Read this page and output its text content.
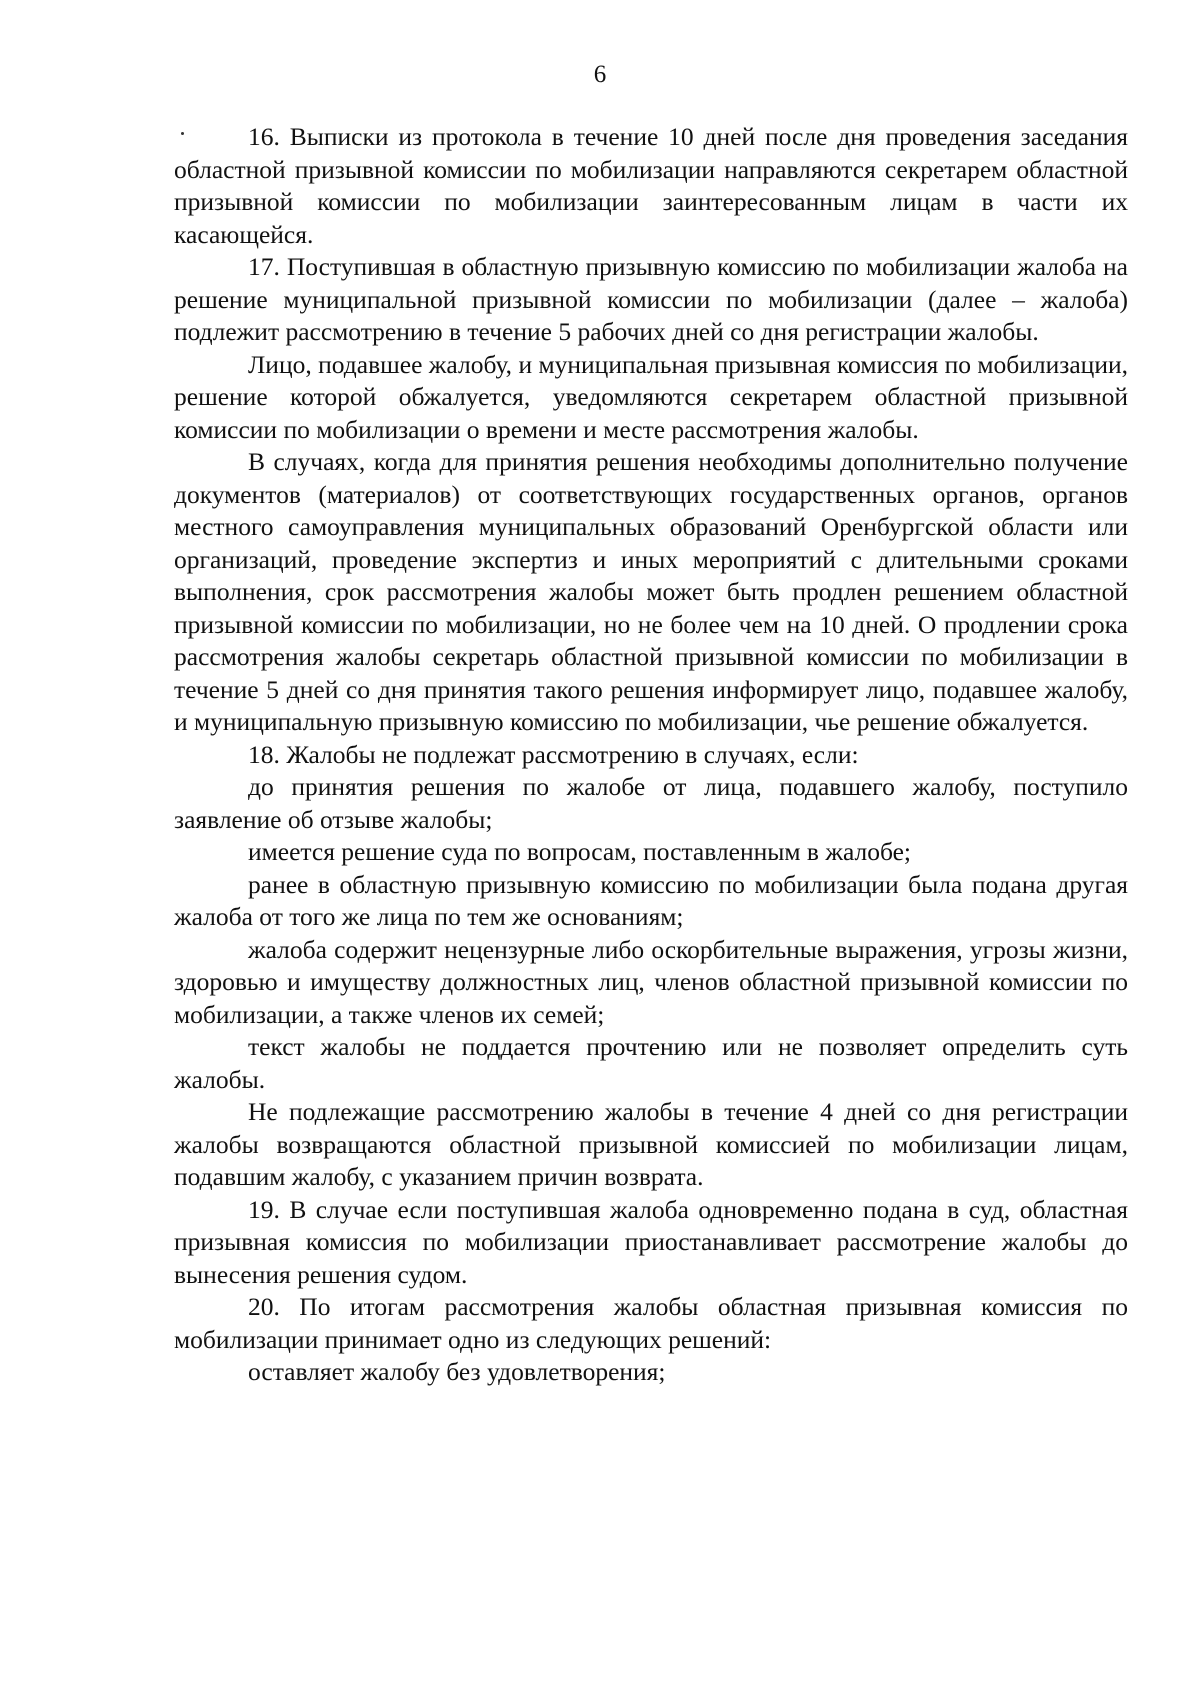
6

16. Выписки из протокола в течение 10 дней после дня проведения заседания областной призывной комиссии по мобилизации направляются секретарем областной призывной комиссии по мобилизации заинтересованным лицам в части их касающейся.

17. Поступившая в областную призывную комиссию по мобилизации жалоба на решение муниципальной призывной комиссии по мобилизации (далее – жалоба) подлежит рассмотрению в течение 5 рабочих дней со дня регистрации жалобы.

Лицо, подавшее жалобу, и муниципальная призывная комиссия по мобилизации, решение которой обжалуется, уведомляются секретарем областной призывной комиссии по мобилизации о времени и месте рассмотрения жалобы.

В случаях, когда для принятия решения необходимы дополнительно получение документов (материалов) от соответствующих государственных органов, органов местного самоуправления муниципальных образований Оренбургской области или организаций, проведение экспертиз и иных мероприятий с длительными сроками выполнения, срок рассмотрения жалобы может быть продлен решением областной призывной комиссии по мобилизации, но не более чем на 10 дней. О продлении срока рассмотрения жалобы секретарь областной призывной комиссии по мобилизации в течение 5 дней со дня принятия такого решения информирует лицо, подавшее жалобу, и муниципальную призывную комиссию по мобилизации, чье решение обжалуется.

18. Жалобы не подлежат рассмотрению в случаях, если:

до принятия решения по жалобе от лица, подавшего жалобу, поступило заявление об отзыве жалобы;

имеется решение суда по вопросам, поставленным в жалобе;

ранее в областную призывную комиссию по мобилизации была подана другая жалоба от того же лица по тем же основаниям;

жалоба содержит нецензурные либо оскорбительные выражения, угрозы жизни, здоровью и имуществу должностных лиц, членов областной призывной комиссии по мобилизации, а также членов их семей;

текст жалобы не поддается прочтению или не позволяет определить суть жалобы.

Не подлежащие рассмотрению жалобы в течение 4 дней со дня регистрации жалобы возвращаются областной призывной комиссией по мобилизации лицам, подавшим жалобу, с указанием причин возврата.

19. В случае если поступившая жалоба одновременно подана в суд, областная призывная комиссия по мобилизации приостанавливает рассмотрение жалобы до вынесения решения судом.

20. По итогам рассмотрения жалобы областная призывная комиссия по мобилизации принимает одно из следующих решений:

оставляет жалобу без удовлетворения;
